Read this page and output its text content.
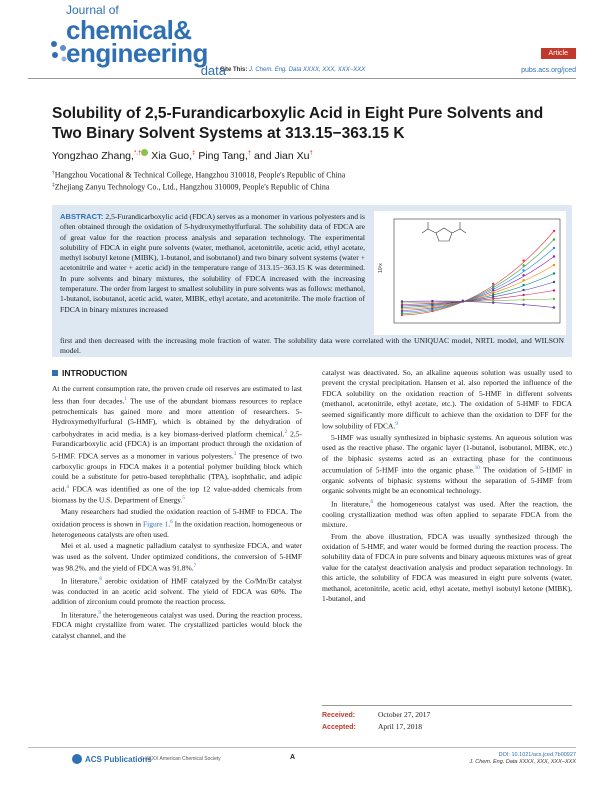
Journal of
chemical&
engineering
data
Article
Cite This: J. Chem. Eng. Data XXXX, XXX, XXX−XXX	pubs.acs.org/jced
Solubility of 2,5-Furandicarboxylic Acid in Eight Pure Solvents and Two Binary Solvent Systems at 313.15−363.15 K
Yongzhao Zhang,*,† Xia Guo,‡ Ping Tang,† and Jian Xu†
†Hangzhou Vocational & Technical College, Hangzhou 310018, People's Republic of China
‡Zhejiang Zanyu Technology Co., Ltd., Hangzhou 310009, People's Republic of China
ABSTRACT: 2,5-Furandicarboxylic acid (FDCA) serves as a monomer in various polyesters and is often obtained through the oxidation of 5-hydroxymethylfurfural. The solubility data of FDCA are of great value for the reaction process analysis and separation technology. The experimental solubility of FDCA in eight pure solvents (water, methanol, acetonitrile, acetic acid, ethyl acetate, methyl isobutyl ketone (MIBK), 1-butanol, and isobutanol) and two binary solvent systems (water + acetonitrile and water + acetic acid) in the temperature range of 313.15−363.15 K was determined. In pure solvents and binary mixtures, the solubility of FDCA increased with the increasing temperature. The order from largest to smallest solubility in pure solvents was as follows: methanol, 1-butanol, isobutanol, acetic acid, water, MIBK, ethyl acetate, and acetonitrile. The mole fraction of FDCA in binary mixtures increased
10³x
first and then decreased with the increasing mole fraction of water. The solubility data were correlated with the UNIQUAC model, NRTL model, and WILSON model.
INTRODUCTION

At the current consumption rate, the proven crude oil reserves are estimated to last less than four decades.$^1$ The use of the abundant biomass resources to replace petrochemicals has gained more and more attention of researchers. 5-Hydroxymethylfurfural (5-HMF), which is obtained by the dehydration of carbohydrates in acid media, is a key biomass-derived platform chemical.$^2$ 2,5-Furandicarboxylic acid (FDCA) is an important product through the oxidation of 5-HMF. FDCA serves as a monomer in various polyesters.$^3$ The presence of two carboxylic groups in FDCA makes it a potential polymer building block which could be a substitute for petro-based terephthalic (TPA), isophthalic, and adipic acid.$^4$ FDCA was identified as one of the top 12 value-added chemicals from biomass by the U.S. Department of Energy.$^5$

Many researchers had studied the oxidation reaction of 5-HMF to FDCA. The oxidation process is shown in Figure 1.$^6$ In the oxidation reaction, homogeneous or heterogeneous catalysts are often used.

Mei et al. used a magnetic palladium catalyst to synthesize FDCA, and water was used as the solvent. Under optimized conditions, the conversion of 5-HMF was 98.2%, and the yield of FDCA was 91.8%.$^7$

In literature,$^8$ aerobic oxidation of HMF catalyzed by the Co/Mn/Br catalyst was conducted in an acetic acid solvent. The yield of FDCA was 60%. The addition of zirconium could promote the reaction process.

In literature,$^9$ the heterogeneous catalyst was used. During the reaction process, FDCA might crystallize from water. The crystallized particles would block the catalyst channel, and the

catalyst was deactivated. So, an alkaline aqueous solution was usually used to prevent the crystal precipitation. Hansen et al. also reported the influence of the FDCA solubility on the oxidation reaction of 5-HMF in different solvents (methanol, acetonitrile, ethyl acetate, etc.). The oxidation of 5-HMF to FDCA seemed significantly more difficult to achieve than the oxidation to DFF for the low solubility of FDCA.$^9$

5-HMF was usually synthesized in biphasic systems. An aqueous solution was used as the reactive phase. The organic layer (1-butanol, isobutanol, MIBK, etc.) of the biphasic systems acted as an extracting phase for the continuous accumulation of 5-HMF into the organic phase.$^{10}$ The oxidation of 5-HMF in organic solvents of biphasic systems without the separation of 5-HMF from organic solvents might be an economical technology.

In literature,$^6$ the homogeneous catalyst was used. After the reaction, the cooling crystallization method was often applied to separate FDCA from the mixture.

From the above illustration, FDCA was usually synthesized through the oxidation of 5-HMF, and water would be formed during the reaction process. The solubility data of FDCA in pure solvents and binary aqueous mixtures was of great value for the catalyst deactivation analysis and product separation technology. In this article, the solubility of FDCA was measured in eight pure solvents (water, methanol, acetonitrile, acetic acid, ethyl acetate, methyl isobutyl ketone (MIBK), 1-butanol, and

Received:	October 27, 2017
Accepted:	April 17, 2018
ACS Publications
© XXXX American Chemical Society	A	DOI: 10.1021/acs.jced.7b00927
J. Chem. Eng. Data XXXX, XXX, XXX−XXX
